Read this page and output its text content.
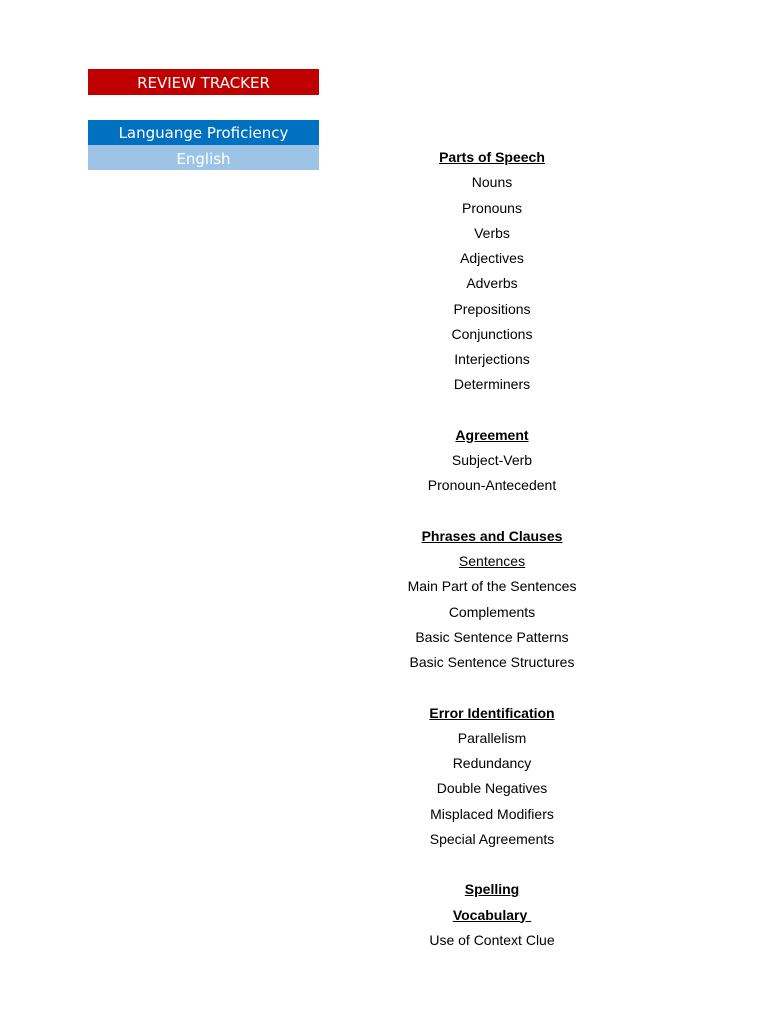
REVIEW TRACKER
Languange Proficiency
English	Parts of Speech
Nouns
Pronouns
Verbs
Adjectives
Adverbs
Prepositions
Conjunctions
Interjections
Determiners
Agreement
Subject-Verb
Pronoun-Antecedent
Phrases and Clauses
Sentences
Main Part of the Sentences
Complements
Basic Sentence Patterns
Basic Sentence Structures
Error Identification
Parallelism
Redundancy
Double Negatives
Misplaced Modifiers
Special Agreements
Spelling
Vocabulary
Use of Context Clue
